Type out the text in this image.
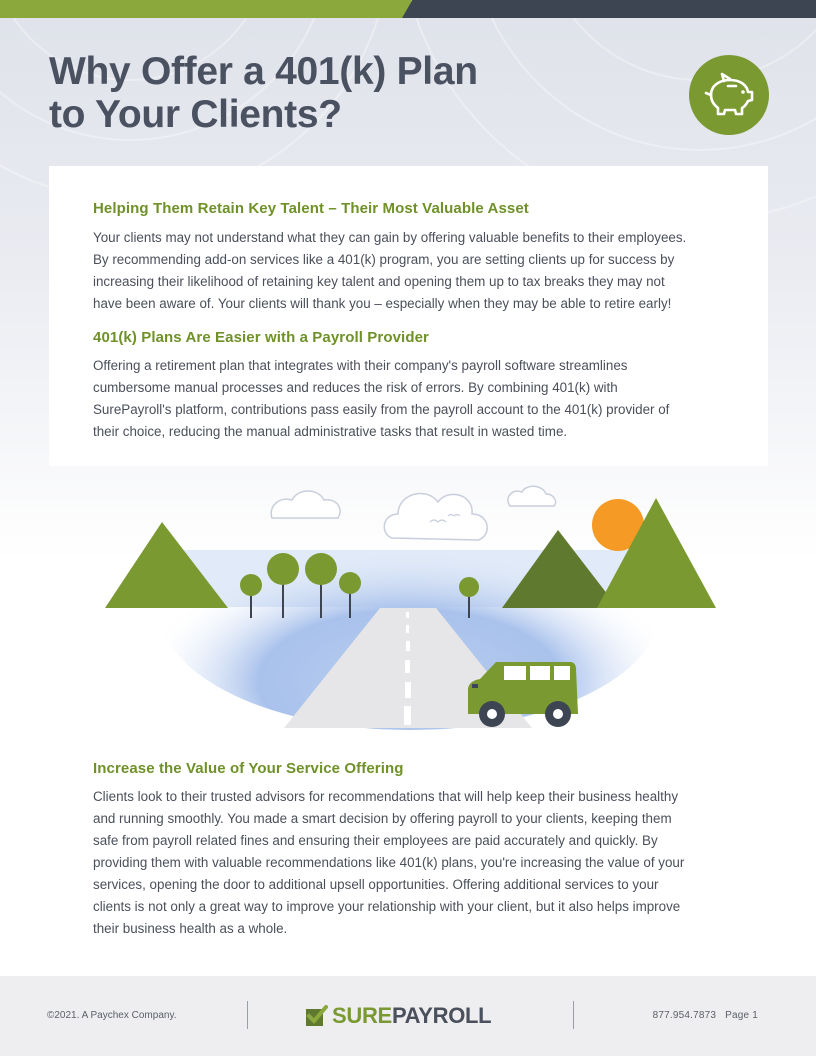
Why Offer a 401(k) Plan
to Your Clients?
Helping Them Retain Key Talent – Their Most Valuable Asset
Your clients may not understand what they can gain by offering valuable benefits to their employees.
By recommending add-on services like a 401(k) program, you are setting clients up for success by
increasing their likelihood of retaining key talent and opening them up to tax breaks they may not
have been aware of. Your clients will thank you – especially when they may be able to retire early!
401(k) Plans Are Easier with a Payroll Provider
Offering a retirement plan that integrates with their company's payroll software streamlines
cumbersome manual processes and reduces the risk of errors. By combining 401(k) with
SurePayroll's platform, contributions pass easily from the payroll account to the 401(k) provider of
their choice, reducing the manual administrative tasks that result in wasted time.
Increase the Value of Your Service Offering
Clients look to their trusted advisors for recommendations that will help keep their business healthy
and running smoothly. You made a smart decision by offering payroll to your clients, keeping them
safe from payroll related fines and ensuring their employees are paid accurately and quickly. By
providing them with valuable recommendations like 401(k) plans, you're increasing the value of your
services, opening the door to additional upsell opportunities. Offering additional services to your
clients is not only a great way to improve your relationship with your client, but it also helps improve
their business health as a whole.
©2021. A Paychex Company.	SUREPAYROLL	877.954.7873 Page 1
